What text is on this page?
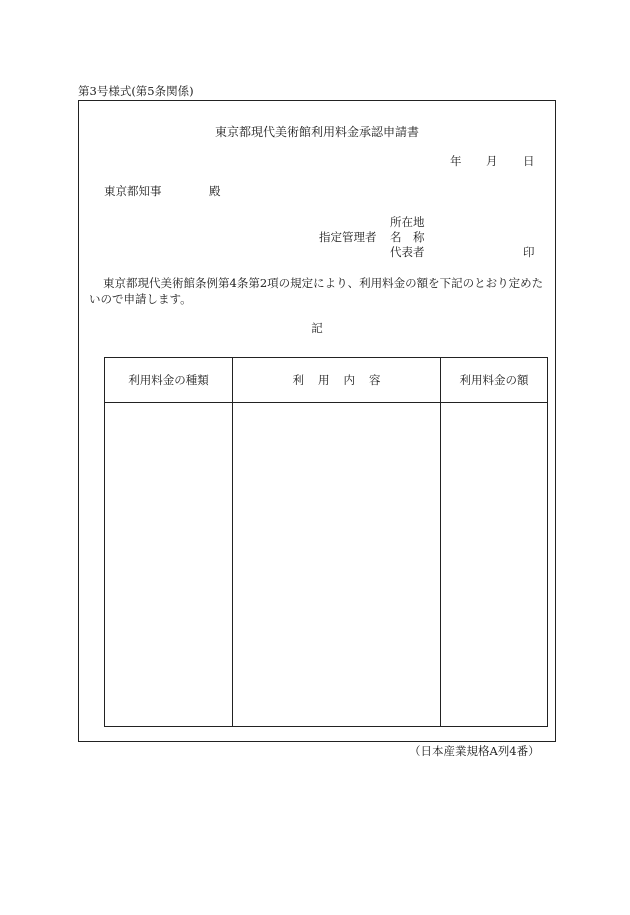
第3号様式(第5条関係)
東京都現代美術館利用料金承認申請書
年 月 日
東京都知事	殿
所在地
指定管理者 名　称
代表者	印
東京都現代美術館条例第4条第2項の規定により、利用料金の額を下記のとおり定めたいので申請します。
記
利用料金の種類	利用内容	利用料金の額

（日本産業規格A列4番）
